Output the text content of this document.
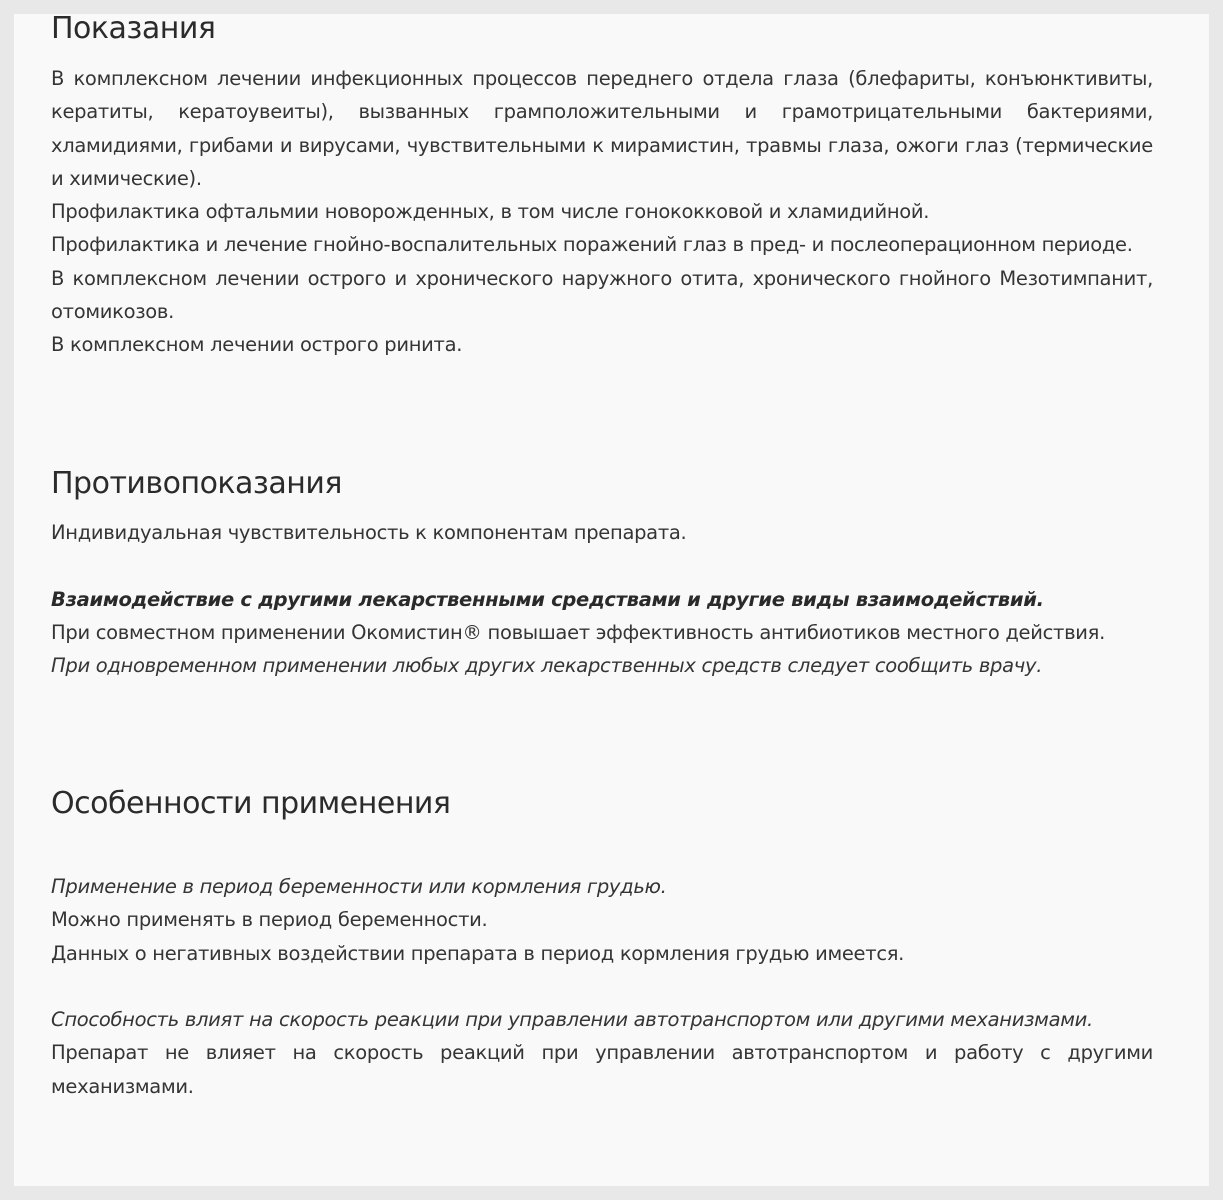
Показания

В комплексном лечении инфекционных процессов переднего отдела глаза (блефариты, конъюнктивиты, кератиты, кератоувеиты), вызванных грамположительными и грамотрицательными бактериями, хламидиями, грибами и вирусами, чувствительными к мирамистин, травмы глаза, ожоги глаз (термические и химические).

Профилактика офтальмии новорожденных, в том числе гонококковой и хламидийной.

Профилактика и лечение гнойно-воспалительных поражений глаз в пред- и послеоперационном периоде.

В комплексном лечении острого и хронического наружного отита, хронического гнойного Мезотимпанит, отомикозов.

В комплексном лечении острого ринита.

Противопоказания

Индивидуальная чувствительность к компонентам препарата.

Взаимодействие с другими лекарственными средствами и другие виды взаимодействий.

При совместном применении Окомистин® повышает эффективность антибиотиков местного действия.

При одновременном применении любых других лекарственных средств следует сообщить врачу.

Особенности применения

Применение в период беременности или кормления грудью.

Можно применять в период беременности.

Данных о негативных воздействии препарата в период кормления грудью имеется.

Способность влият на скорость реакции при управлении автотранспортом или другими механизмами.

Препарат не влияет на скорость реакций при управлении автотранспортом и работу с другими механизмами.
